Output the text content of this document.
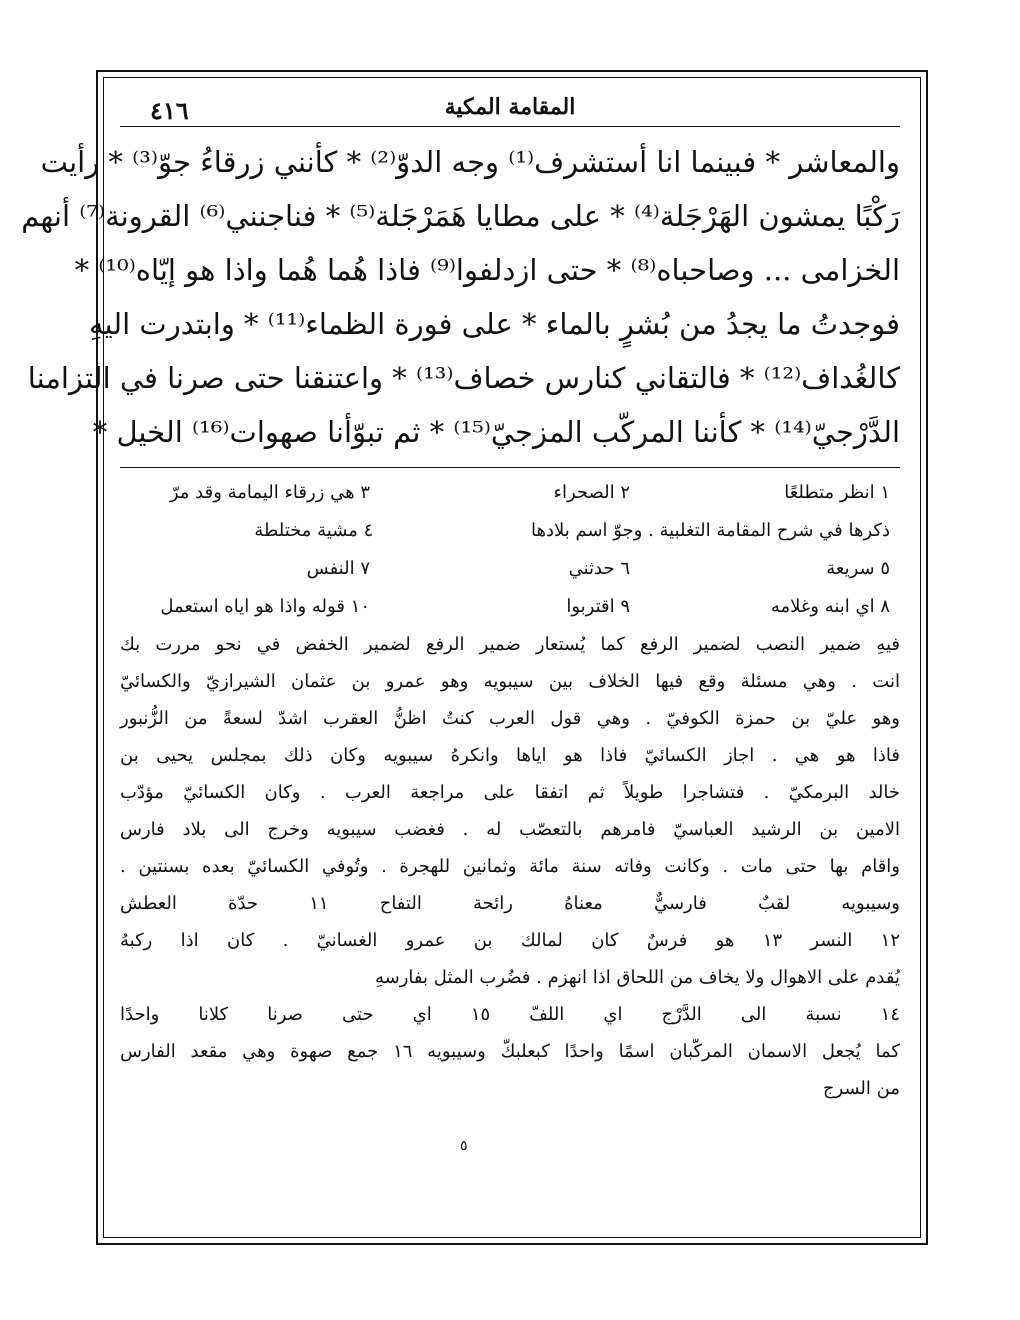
المقامة المكية
٤١٦
والمعاشر * فبينما انا أستشرف⁽¹⁾ وجه الدوّ⁽²⁾ * كأنني زرقاءُ جوّ⁽³⁾ * رأيت
رَكْبًا يمشون الهَرْجَلة⁽⁴⁾ * على مطايا هَمَرْجَلة⁽⁵⁾ * فناجنني⁽⁶⁾ القرونة⁽⁷⁾ أنهم
الخزامى ... وصاحباه⁽⁸⁾ * حتى ازدلفوا⁽⁹⁾ فاذا هُما هُما واذا هو إيّاه⁽¹⁰⁾ *
فوجدتُ ما يجدُ من بُشرٍ بالماء * على فورة الظماء⁽¹¹⁾ * وابتدرت اليهِ
كالغُداف⁽¹²⁾ * فالتقاني كنارس خصاف⁽¹³⁾ * واعتنقنا حتى صرنا في التزامنا
الدَّرْجيّ⁽¹⁴⁾ * كأننا المركّب المزجيّ⁽¹⁵⁾ * ثم تبوّأنا صهوات⁽¹⁶⁾ الخيل *
١ انظر متطلعًا
٢ الصحراء
٣ هي زرقاء اليمامة وقد مرّ
ذكرها في شرح المقامة التغلبية . وجوّ اسم بلادها
٤ مشية مختلطة
٥ سريعة
٦ حدثني
٧ النفس
٨ اي ابنه وغلامه
٩ اقتربوا
١٠ قوله واذا هو اياه استعمل
فيهِ ضمير النصب لضمير الرفع كما يُستعار ضمير الرفع لضمير الخفض في نحو مررت بك
انت . وهي مسئلة وقع فيها الخلاف بين سيبويه وهو عمرو بن عثمان الشيرازيّ والكسائيّ
وهو عليّ بن حمزة الكوفيّ . وهي قول العرب كنتُ اظنُّ العقرب اشدّ لسعةً من الزُّنبور
فاذا هو هي . اجاز الكسائيّ فاذا هو اياها وانكرهُ سيبويه وكان ذلك بمجلس يحيى بن
خالد البرمكيّ . فتشاجرا طويلاً ثم اتفقا على مراجعة العرب . وكان الكسائيّ مؤدّب
الامين بن الرشيد العباسيّ فامرهم بالتعصّب له . فغضب سيبويه وخرج الى بلاد فارس
واقام بها حتى مات . وكانت وفاته سنة مائة وثمانين للهجرة . وتُوفي الكسائيّ بعده بسنتين .
وسيبويه لقبٌ فارسيٌّ معناهُ رائحة التفاح ١١ حدّة العطش
١٢ النسر ١٣ هو فرسٌ كان لمالك بن عمرو الغسانيّ . كان اذا ركبهُ
يُقدم على الاهوال ولا يخاف من اللحاق اذا انهزم . فضُرب المثل بفارسهِ
١٤ نسبة الى الدَّرْج اي اللفّ ١٥ اي حتى صرنا كلانا واحدًا
كما يُجعل الاسمان المركّبان اسمًا واحدًا كبعلبكّ وسيبويه ١٦ جمع صهوة وهي مقعد الفارس
من السرج
٥
